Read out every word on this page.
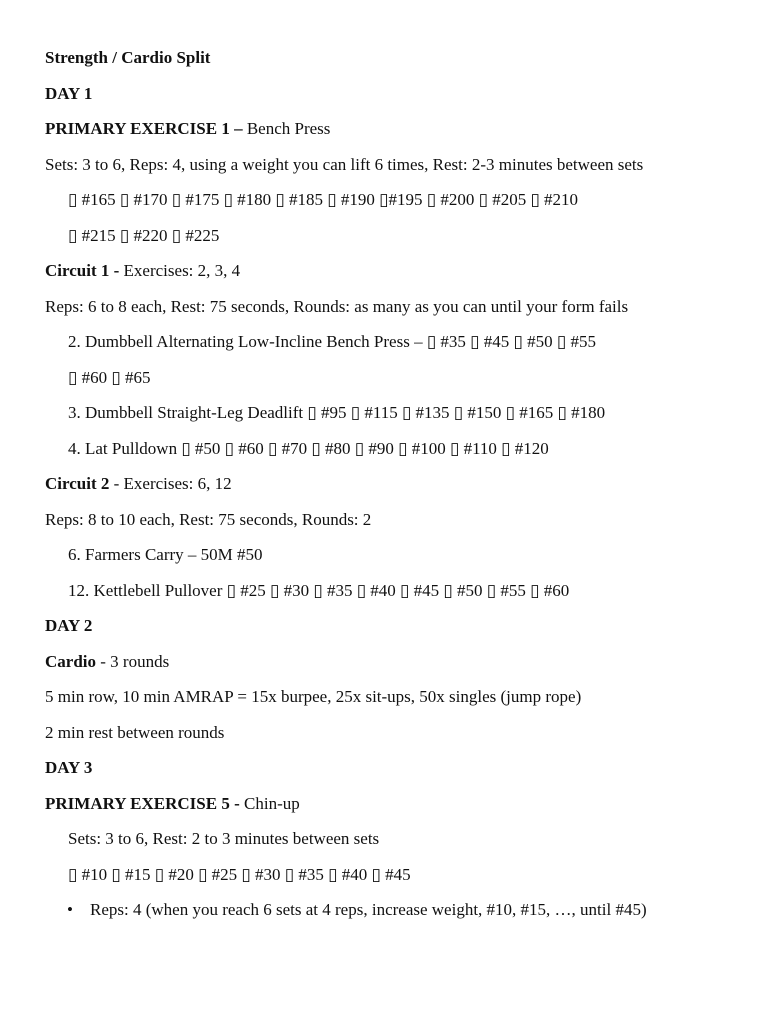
Strength / Cardio Split
DAY 1
PRIMARY EXERCISE 1 – Bench Press
Sets: 3 to 6, Reps: 4, using a weight you can lift 6 times, Rest: 2-3 minutes between sets
▯ #165 ▯ #170 ▯ #175 ▯ #180 ▯ #185 ▯ #190 ▯#195 ▯ #200 ▯ #205 ▯ #210
▯ #215 ▯ #220 ▯ #225
Circuit 1 - Exercises: 2, 3, 4
Reps: 6 to 8 each, Rest: 75 seconds, Rounds: as many as you can until your form fails
2. Dumbbell Alternating Low-Incline Bench Press – ▯ #35 ▯ #45 ▯ #50 ▯ #55
▯ #60 ▯ #65
3. Dumbbell Straight-Leg Deadlift ▯ #95 ▯ #115 ▯ #135 ▯ #150 ▯ #165 ▯ #180
4. Lat Pulldown ▯ #50 ▯ #60 ▯ #70 ▯ #80 ▯ #90 ▯ #100 ▯ #110 ▯ #120
Circuit 2 - Exercises: 6, 12
Reps: 8 to 10 each, Rest: 75 seconds, Rounds: 2
6. Farmers Carry – 50M #50
12. Kettlebell Pullover ▯ #25 ▯ #30 ▯ #35 ▯ #40 ▯ #45 ▯ #50 ▯ #55 ▯ #60
DAY 2
Cardio - 3 rounds
5 min row, 10 min AMRAP = 15x burpee, 25x sit-ups, 50x singles (jump rope)
2 min rest between rounds
DAY 3
PRIMARY EXERCISE 5 - Chin-up
Sets: 3 to 6, Rest: 2 to 3 minutes between sets
▯ #10 ▯ #15 ▯ #20 ▯ #25 ▯ #30 ▯ #35 ▯ #40 ▯ #45
• Reps: 4 (when you reach 6 sets at 4 reps, increase weight, #10, #15, …, until #45)
